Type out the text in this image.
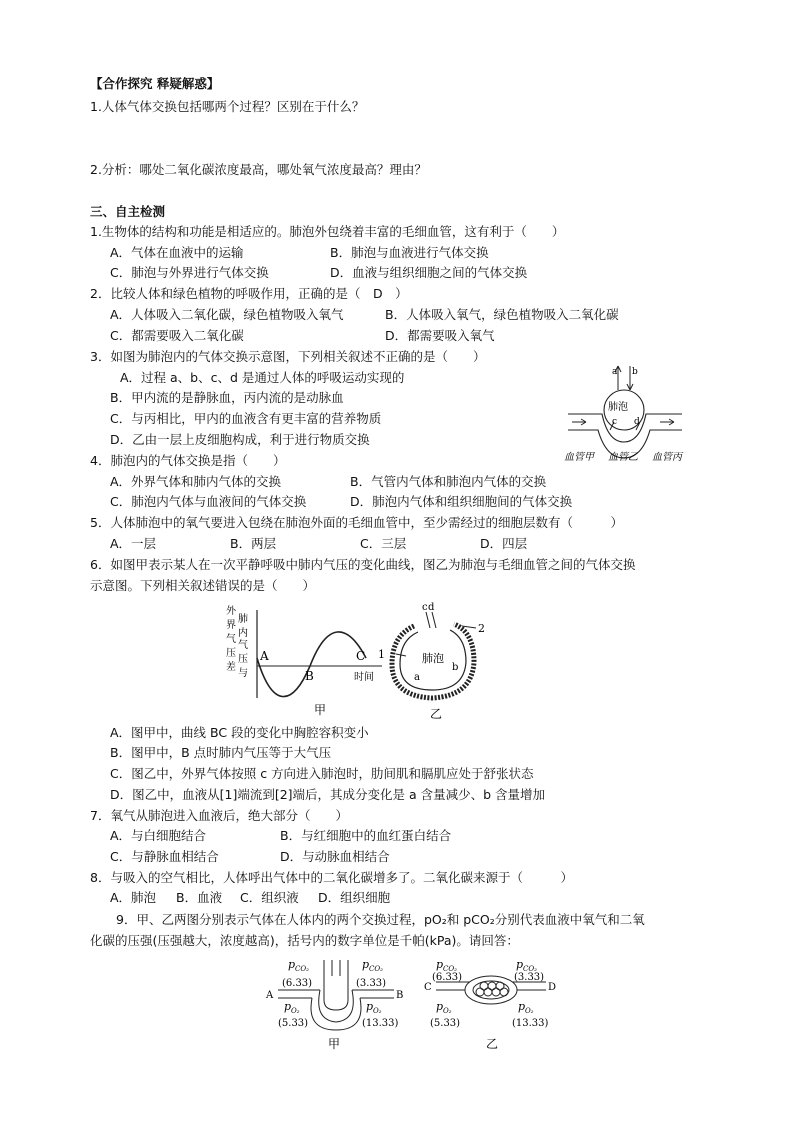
【合作探究 释疑解惑】
1.人体气体交换包括哪两个过程？区别在于什么？
2.分析：哪处二氧化碳浓度最高，哪处氧气浓度最高？理由？
三、自主检测
1.生物体的结构和功能是相适应的。肺泡外包绕着丰富的毛细血管，这有利于（　　）
A．气体在血液中的运输	B．肺泡与血液进行气体交换
C．肺泡与外界进行气体交换	D．血液与组织细胞之间的气体交换
2．比较人体和绿色植物的呼吸作用，正确的是（　D　）
A．人体吸入二氧化碳，绿色植物吸入氧气	B．人体吸入氧气，绿色植物吸入二氧化碳
C．都需要吸入二氧化碳	D．都需要吸入氧气
3．如图为肺泡内的气体交换示意图，下列相关叙述不正确的是（　　）
A．过程 a、b、c、d 是通过人体的呼吸运动实现的
B．甲内流的是静脉血，丙内流的是动脉血
C．与丙相比，甲内的血液含有更丰富的营养物质
D．乙由一层上皮细胞构成，利于进行物质交换
a b
肺泡
c d
血管甲 血管乙 血管丙
4．肺泡内的气体交换是指（　　）
A．外界气体和肺内气体的交换	B．气管内气体和肺泡内气体的交换
C．肺泡内气体与血液间的气体交换	D．肺泡内气体和组织细胞间的气体交换
5．人体肺泡中的氧气要进入包绕在肺泡外面的毛细血管中，至少需经过的细胞层数有（　　　）
A．一层	B．两层	C．三层	D．四层
6．如图甲表示某人在一次平静呼吸中肺内气压的变化曲线，图乙为肺泡与毛细血管之间的气体交换
示意图。下列相关叙述错误的是（　　）
外
肺
界
内
气
气
压
压
差
与
A
B
C
时间
甲
c d
1
2
肺泡
b
a
乙
A．图甲中，曲线 BC 段的变化中胸腔容积变小
B．图甲中，B 点时肺内气压等于大气压
C．图乙中，外界气体按照 c 方向进入肺泡时，肋间肌和膈肌应处于舒张状态
D．图乙中，血液从[1]端流到[2]端后，其成分变化是 a 含量减少、b 含量增加
7．氧气从肺泡进入血液后，绝大部分（　　）
A．与白细胞结合	B．与红细胞中的血红蛋白结合
C．与静脉血相结合	D．与动脉血相结合
8．与吸入的空气相比，人体呼出气体中的二氧化碳增多了。二氧化碳来源于（　　　）
A．肺泡 B．血液 C．组织液 D．组织细胞
9．甲、乙两图分别表示气体在人体内的两个交换过程，pO₂和 pCO₂分别代表血液中氧气和二氧
化碳的压强(压强越大，浓度越高)，括号内的数字单位是千帕(kPa)。请回答：
$p_{CO_2}$	$p_{CO_2}$
(6.33)	(3.33)
A	B
$p_{O_2}$	$p_{O_2}$
(5.33)	(13.33)
甲
$p_{CO_2}$	$p_{CO_2}$
(6.33)	(3.33)
C	D
$p_{O_2}$	$p_{O_2}$
(5.33)	(13.33)
乙
